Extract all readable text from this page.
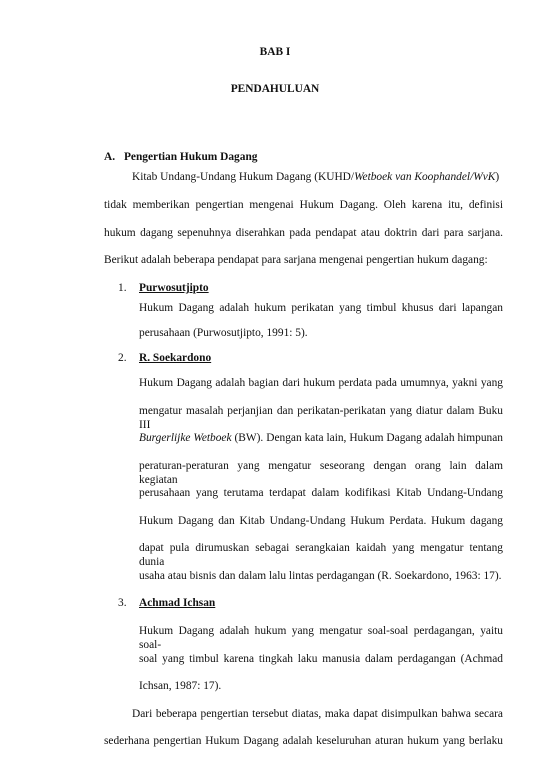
BAB I
PENDAHULUAN
A. Pengertian Hukum Dagang
Kitab Undang-Undang Hukum Dagang (KUHD/Wetboek van Koophandel/WvK)
tidak memberikan pengertian mengenai Hukum Dagang. Oleh karena itu, definisi
hukum dagang sepenuhnya diserahkan pada pendapat atau doktrin dari para sarjana.
Berikut adalah beberapa pendapat para sarjana mengenai pengertian hukum dagang:
1. Purwosutjipto
Hukum Dagang adalah hukum perikatan yang timbul khusus dari lapangan
perusahaan (Purwosutjipto, 1991: 5).
2. R. Soekardono
Hukum Dagang adalah bagian dari hukum perdata pada umumnya, yakni yang
mengatur masalah perjanjian dan perikatan-perikatan yang diatur dalam Buku III
Burgerlijke Wetboek (BW). Dengan kata lain, Hukum Dagang adalah himpunan
peraturan-peraturan yang mengatur seseorang dengan orang lain dalam kegiatan
perusahaan yang terutama terdapat dalam kodifikasi Kitab Undang-Undang
Hukum Dagang dan Kitab Undang-Undang Hukum Perdata. Hukum dagang
dapat pula dirumuskan sebagai serangkaian kaidah yang mengatur tentang dunia
usaha atau bisnis dan dalam lalu lintas perdagangan (R. Soekardono, 1963: 17).
3. Achmad Ichsan
Hukum Dagang adalah hukum yang mengatur soal-soal perdagangan, yaitu soal-
soal yang timbul karena tingkah laku manusia dalam perdagangan (Achmad
Ichsan, 1987: 17).
Dari beberapa pengertian tersebut diatas, maka dapat disimpulkan bahwa secara
sederhana pengertian Hukum Dagang adalah keseluruhan aturan hukum yang berlaku
